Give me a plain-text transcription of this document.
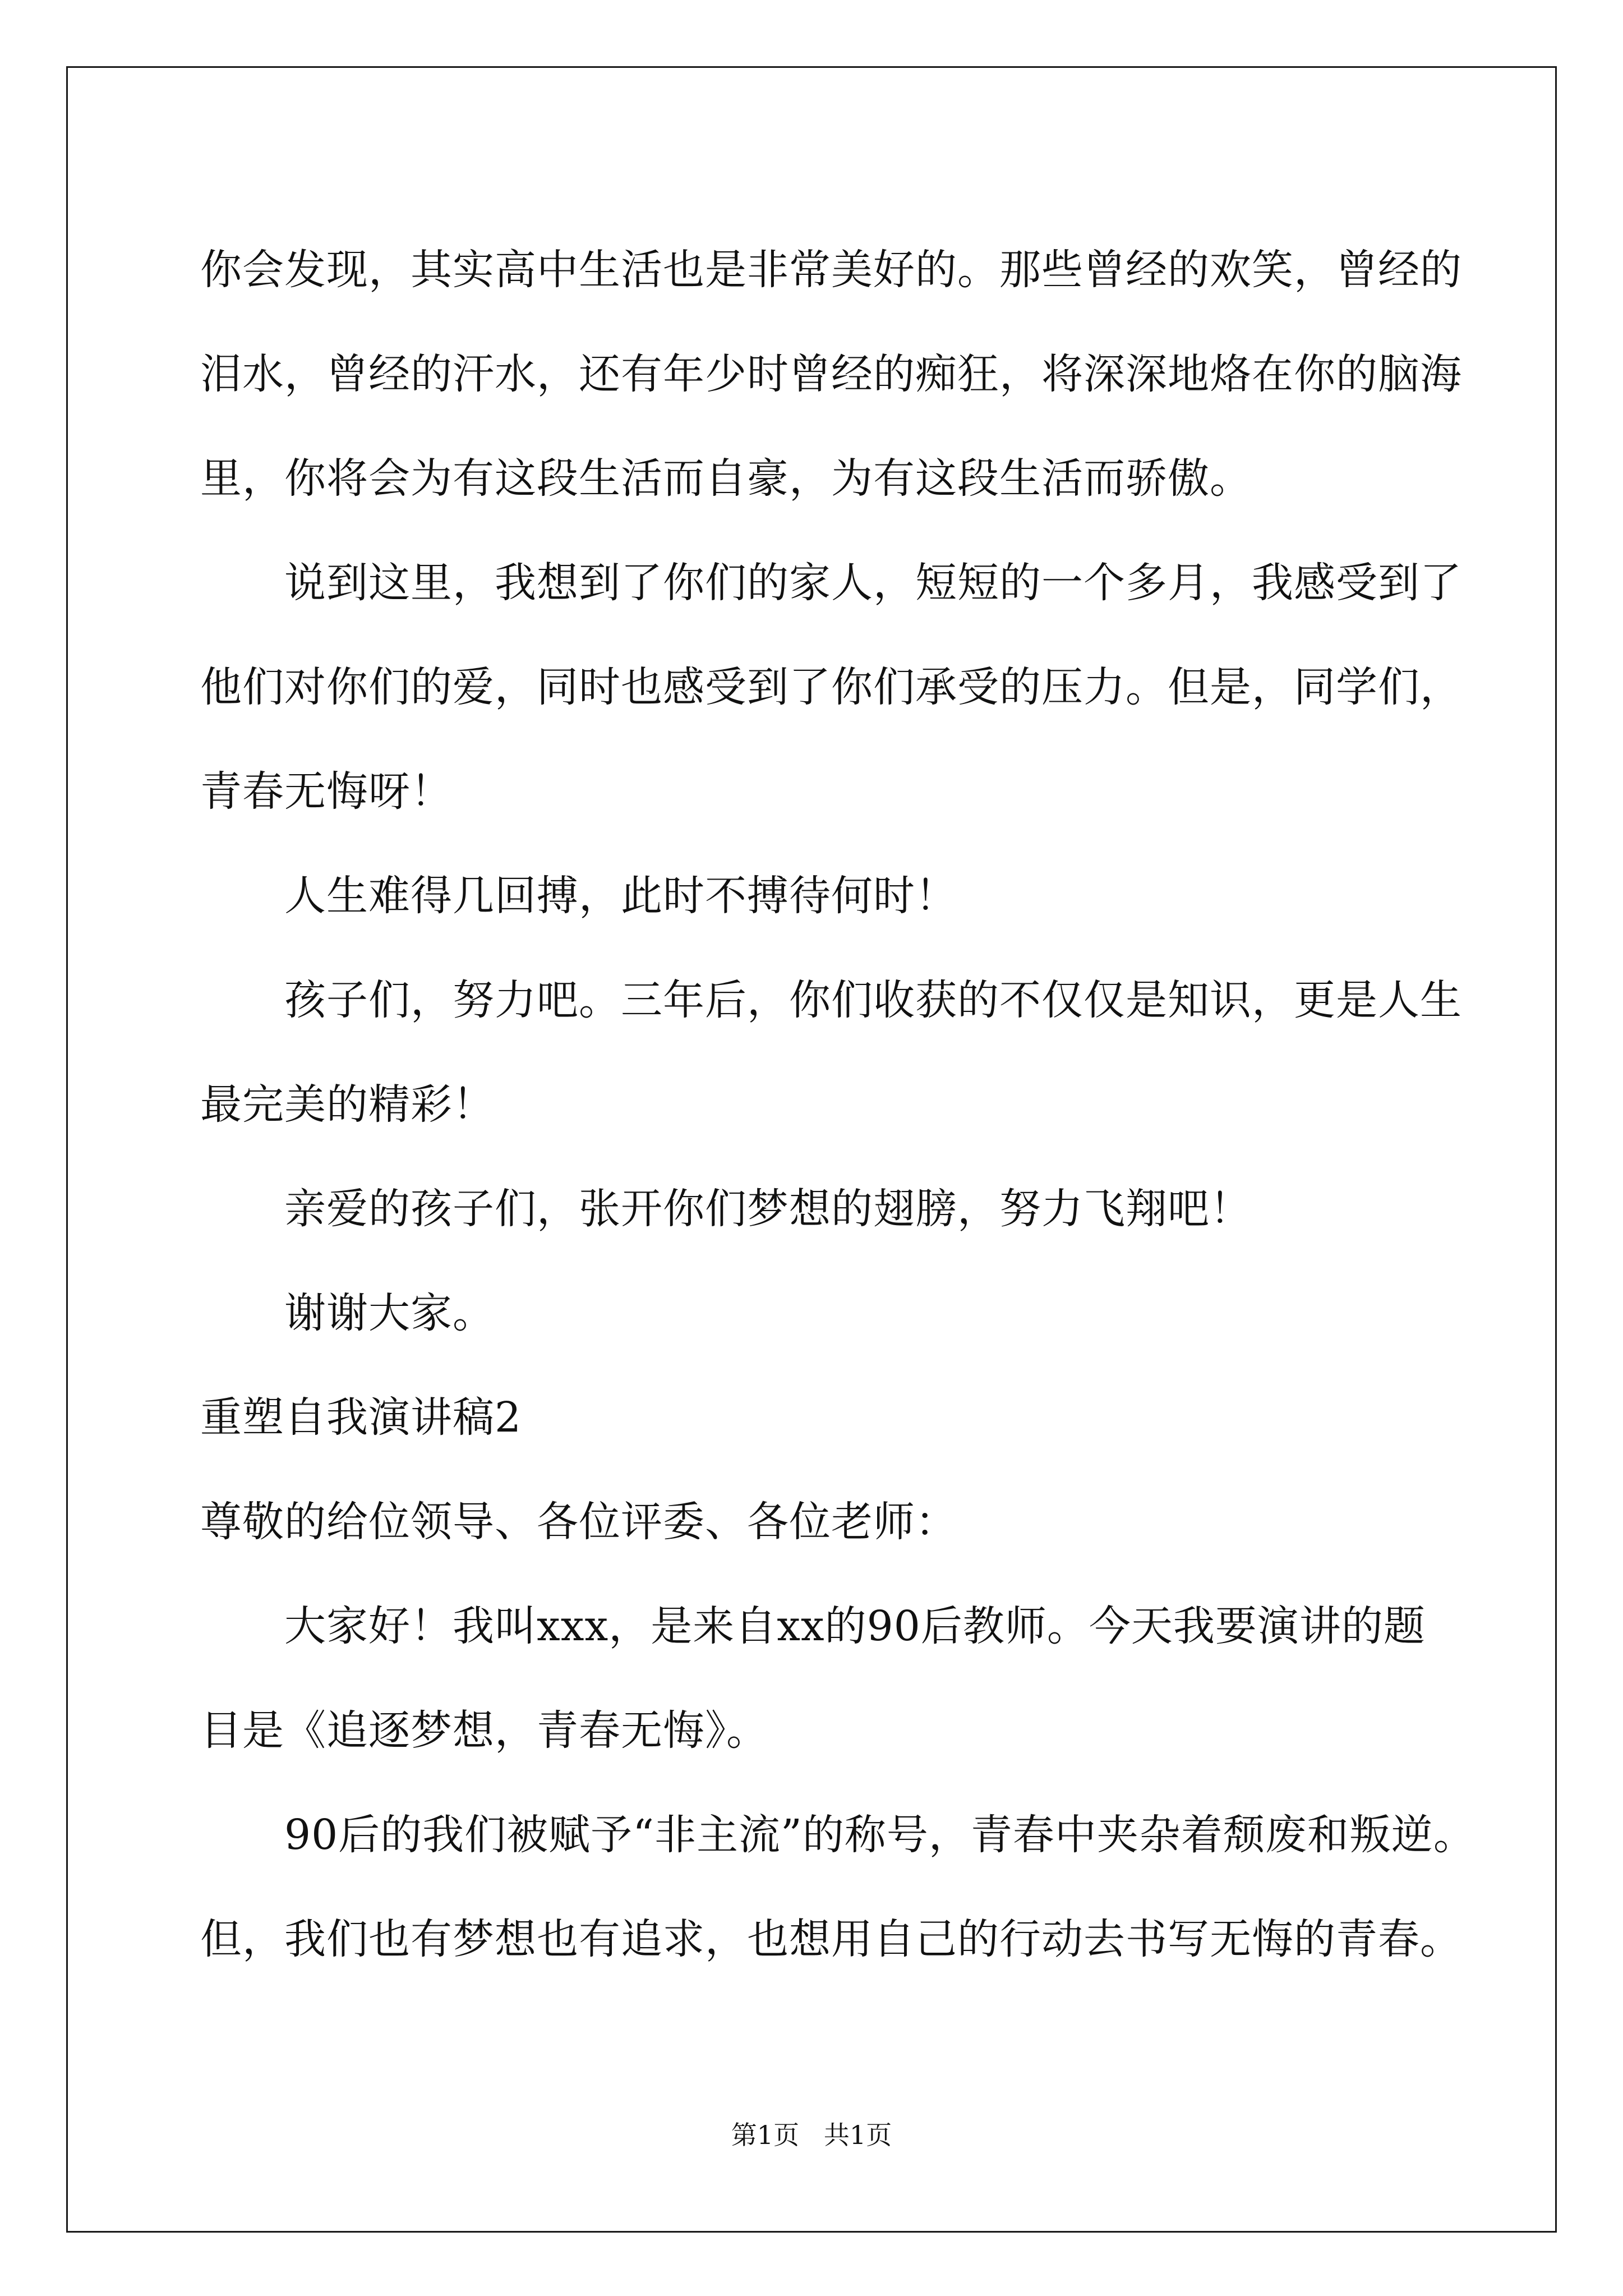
你会发现，其实高中生活也是非常美好的。那些曾经的欢笑，曾经的

泪水，曾经的汗水，还有年少时曾经的痴狂，将深深地烙在你的脑海

里，你将会为有这段生活而自豪，为有这段生活而骄傲。

说到这里，我想到了你们的家人，短短的一个多月，我感受到了

他们对你们的爱，同时也感受到了你们承受的压力。但是，同学们，

青春无悔呀！

人生难得几回搏，此时不搏待何时！

孩子们，努力吧。三年后，你们收获的不仅仅是知识，更是人生

最完美的精彩！

亲爱的孩子们，张开你们梦想的翅膀，努力飞翔吧！

谢谢大家。

重塑自我演讲稿2

尊敬的给位领导、各位评委、各位老师：

大家好！我叫xxx，是来自xx的90后教师。今天我要演讲的题

目是《追逐梦想，青春无悔》。

90后的我们被赋予“非主流”的称号，青春中夹杂着颓废和叛逆。

但，我们也有梦想也有追求，也想用自己的行动去书写无悔的青春。

第1页   共1页
